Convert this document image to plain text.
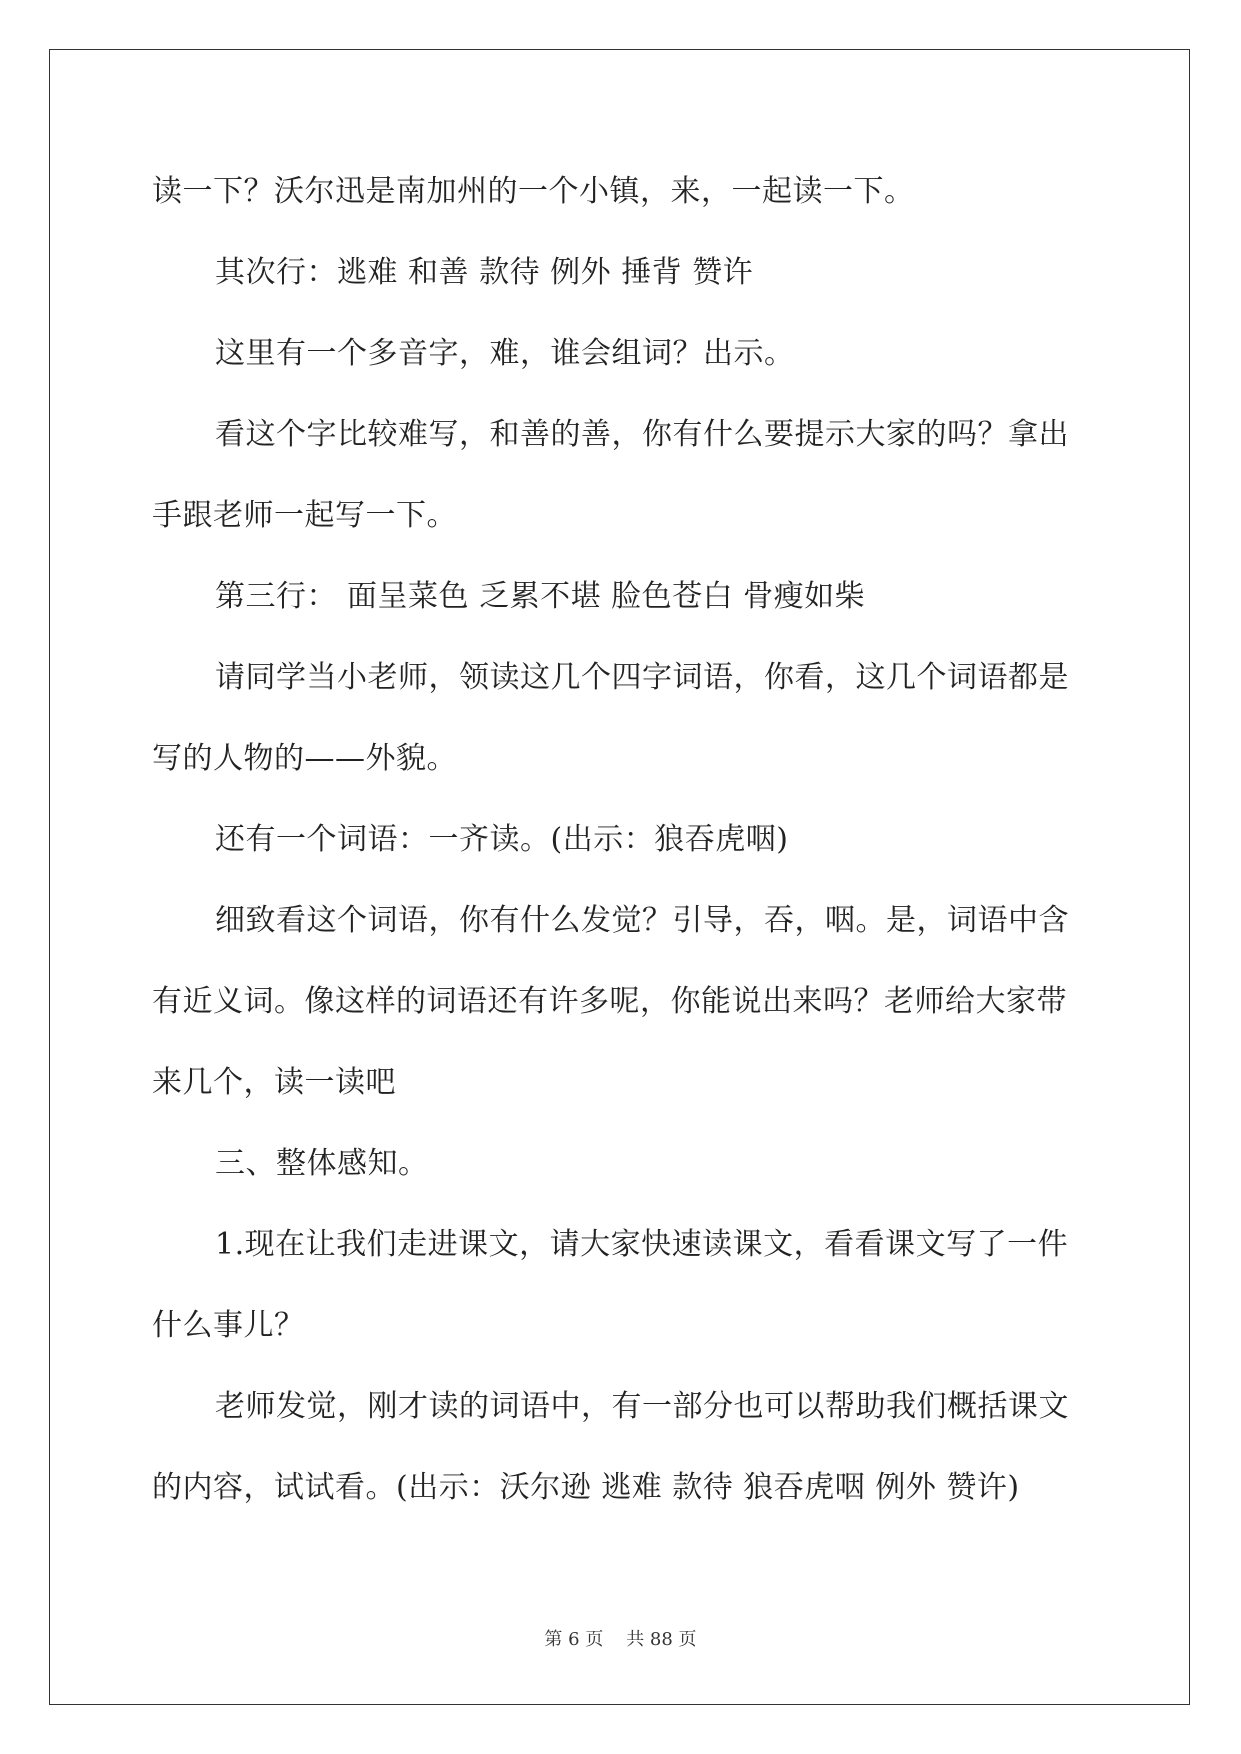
读一下？沃尔迅是南加州的一个小镇，来，一起读一下。
其次行：逃难 和善 款待 例外 捶背 赞许
这里有一个多音字，难，谁会组词？出示。
看这个字比较难写，和善的善，你有什么要提示大家的吗？拿出
手跟老师一起写一下。
第三行： 面呈菜色 乏累不堪 脸色苍白 骨瘦如柴
请同学当小老师，领读这几个四字词语，你看，这几个词语都是
写的人物的——外貌。
还有一个词语：一齐读。(出示：狼吞虎咽)
细致看这个词语，你有什么发觉？引导，吞，咽。是，词语中含
有近义词。像这样的词语还有许多呢，你能说出来吗？老师给大家带
来几个，读一读吧
三、整体感知。
1.现在让我们走进课文，请大家快速读课文，看看课文写了一件
什么事儿？
老师发觉，刚才读的词语中，有一部分也可以帮助我们概括课文
的内容，试试看。(出示：沃尔逊 逃难 款待 狼吞虎咽 例外 赞许)
第 6 页    共 88 页
